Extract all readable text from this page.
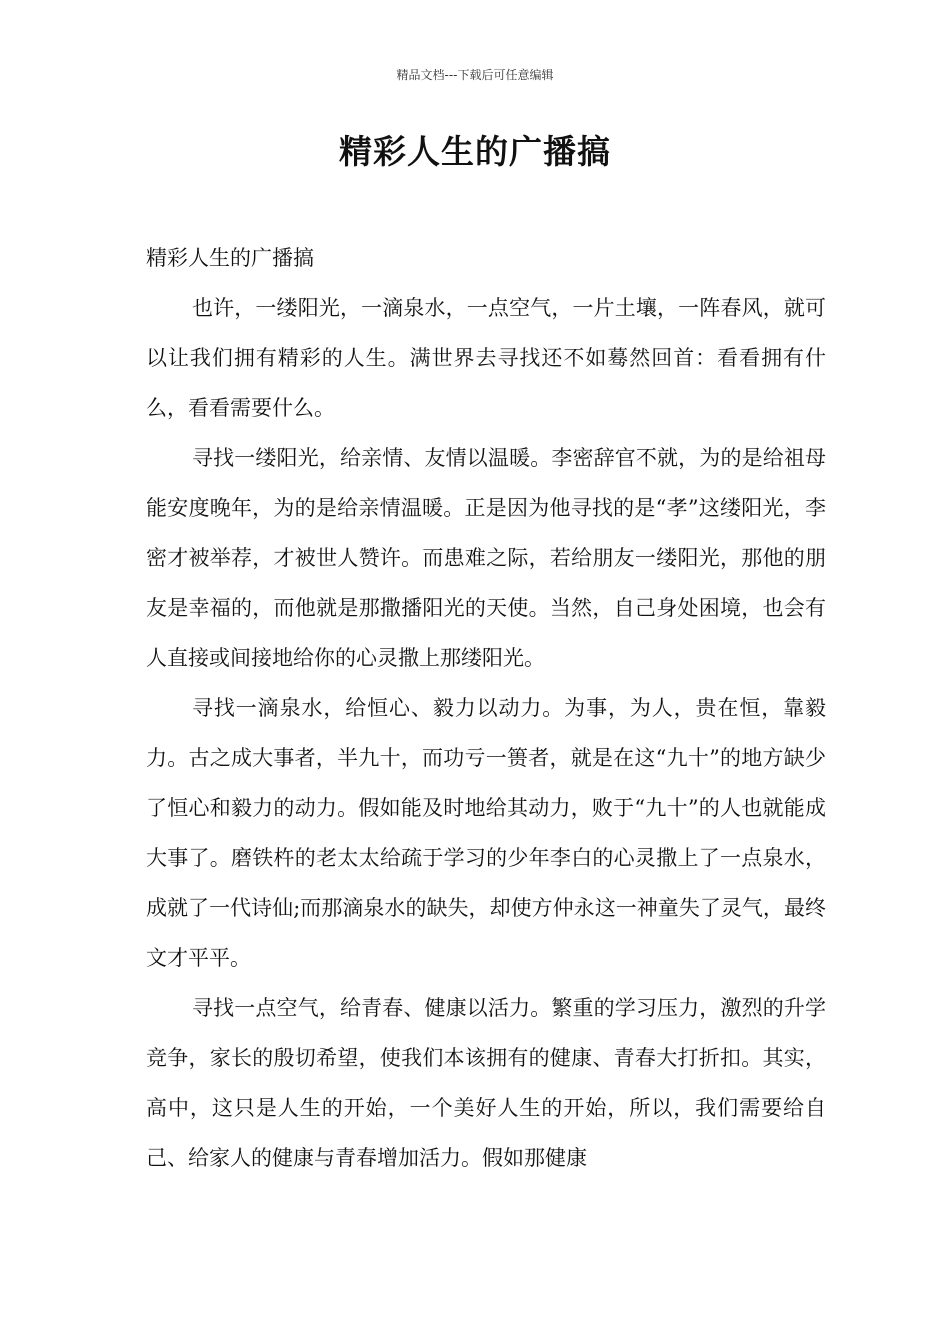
精品文档---下载后可任意编辑
精彩人生的广播搞

精彩人生的广播搞

也许，一缕阳光，一滴泉水，一点空气，一片土壤，一阵春风，就可以让我们拥有精彩的人生。满世界去寻找还不如蓦然回首：看看拥有什么，看看需要什么。

寻找一缕阳光，给亲情、友情以温暖。李密辞官不就，为的是给祖母能安度晚年，为的是给亲情温暖。正是因为他寻找的是“孝”这缕阳光，李密才被举荐，才被世人赞许。而患难之际，若给朋友一缕阳光，那他的朋友是幸福的，而他就是那撒播阳光的天使。当然，自己身处困境，也会有人直接或间接地给你的心灵撒上那缕阳光。

寻找一滴泉水，给恒心、毅力以动力。为事，为人，贵在恒，靠毅力。古之成大事者，半九十，而功亏一篑者，就是在这“九十”的地方缺少了恒心和毅力的动力。假如能及时地给其动力，败于“九十”的人也就能成大事了。磨铁杵的老太太给疏于学习的少年李白的心灵撒上了一点泉水，成就了一代诗仙;而那滴泉水的缺失，却使方仲永这一神童失了灵气，最终文才平平。

寻找一点空气，给青春、健康以活力。繁重的学习压力，激烈的升学竞争，家长的殷切希望，使我们本该拥有的健康、青春大打折扣。其实，高中，这只是人生的开始，一个美好人生的开始，所以，我们需要给自己、给家人的健康与青春增加活力。假如那健康
